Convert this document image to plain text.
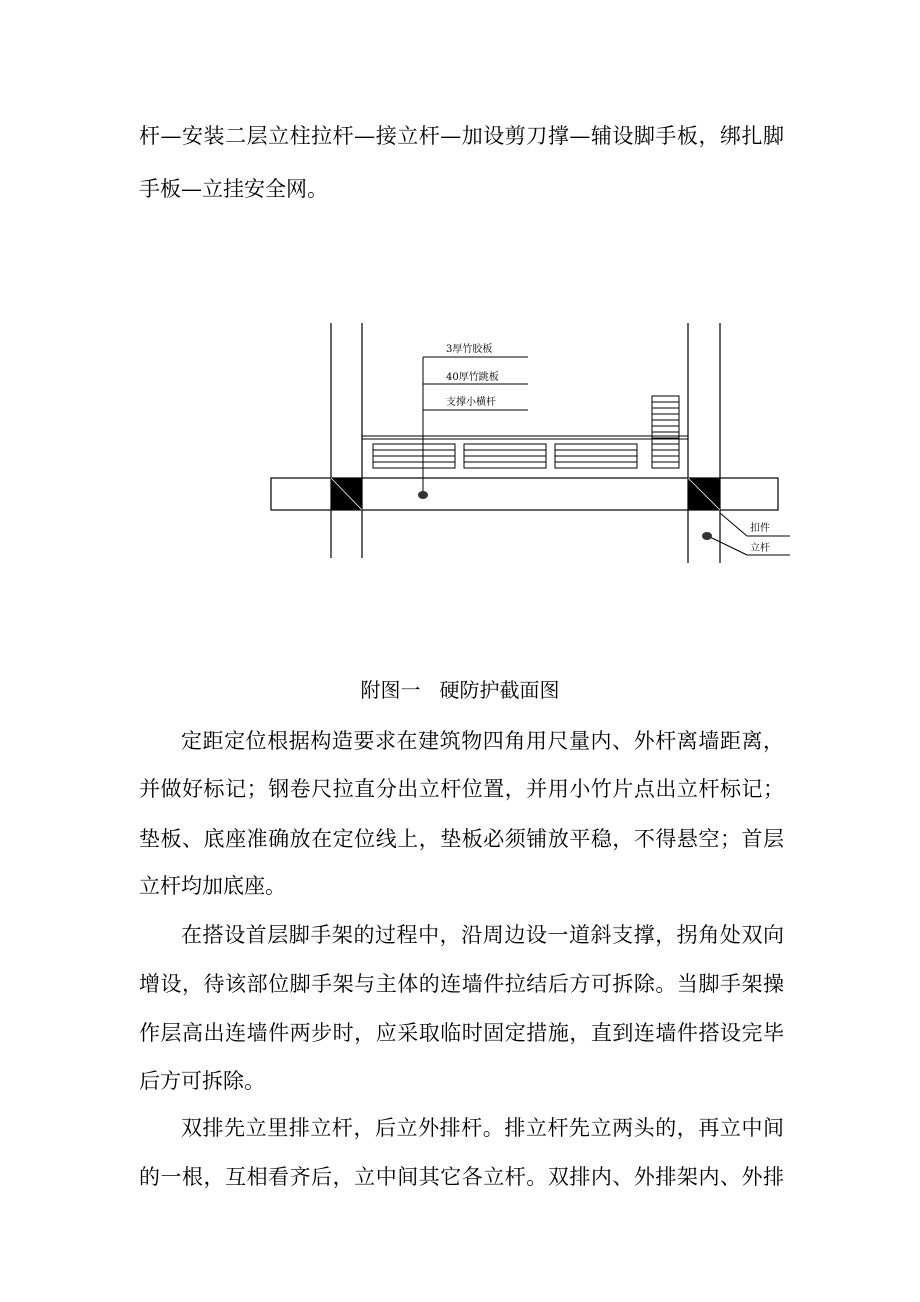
杆—安装二层立柱拉杆—接立杆—加设剪刀撑—辅设脚手板，绑扎脚

手板—立挂安全网。

3厚竹胶板
40厚竹跳板
支撑小横杆
扣件
立杆

附图一 硬防护截面图

定距定位根据构造要求在建筑物四角用尺量内、外杆离墙距离，

并做好标记；钢卷尺拉直分出立杆位置，并用小竹片点出立杆标记；

垫板、底座准确放在定位线上，垫板必须铺放平稳，不得悬空；首层

立杆均加底座。

在搭设首层脚手架的过程中，沿周边设一道斜支撑，拐角处双向

增设，待该部位脚手架与主体的连墙件拉结后方可拆除。当脚手架操

作层高出连墙件两步时，应采取临时固定措施，直到连墙件搭设完毕

后方可拆除。

双排先立里排立杆，后立外排杆。排立杆先立两头的，再立中间

的一根，互相看齐后，立中间其它各立杆。双排内、外排架内、外排
